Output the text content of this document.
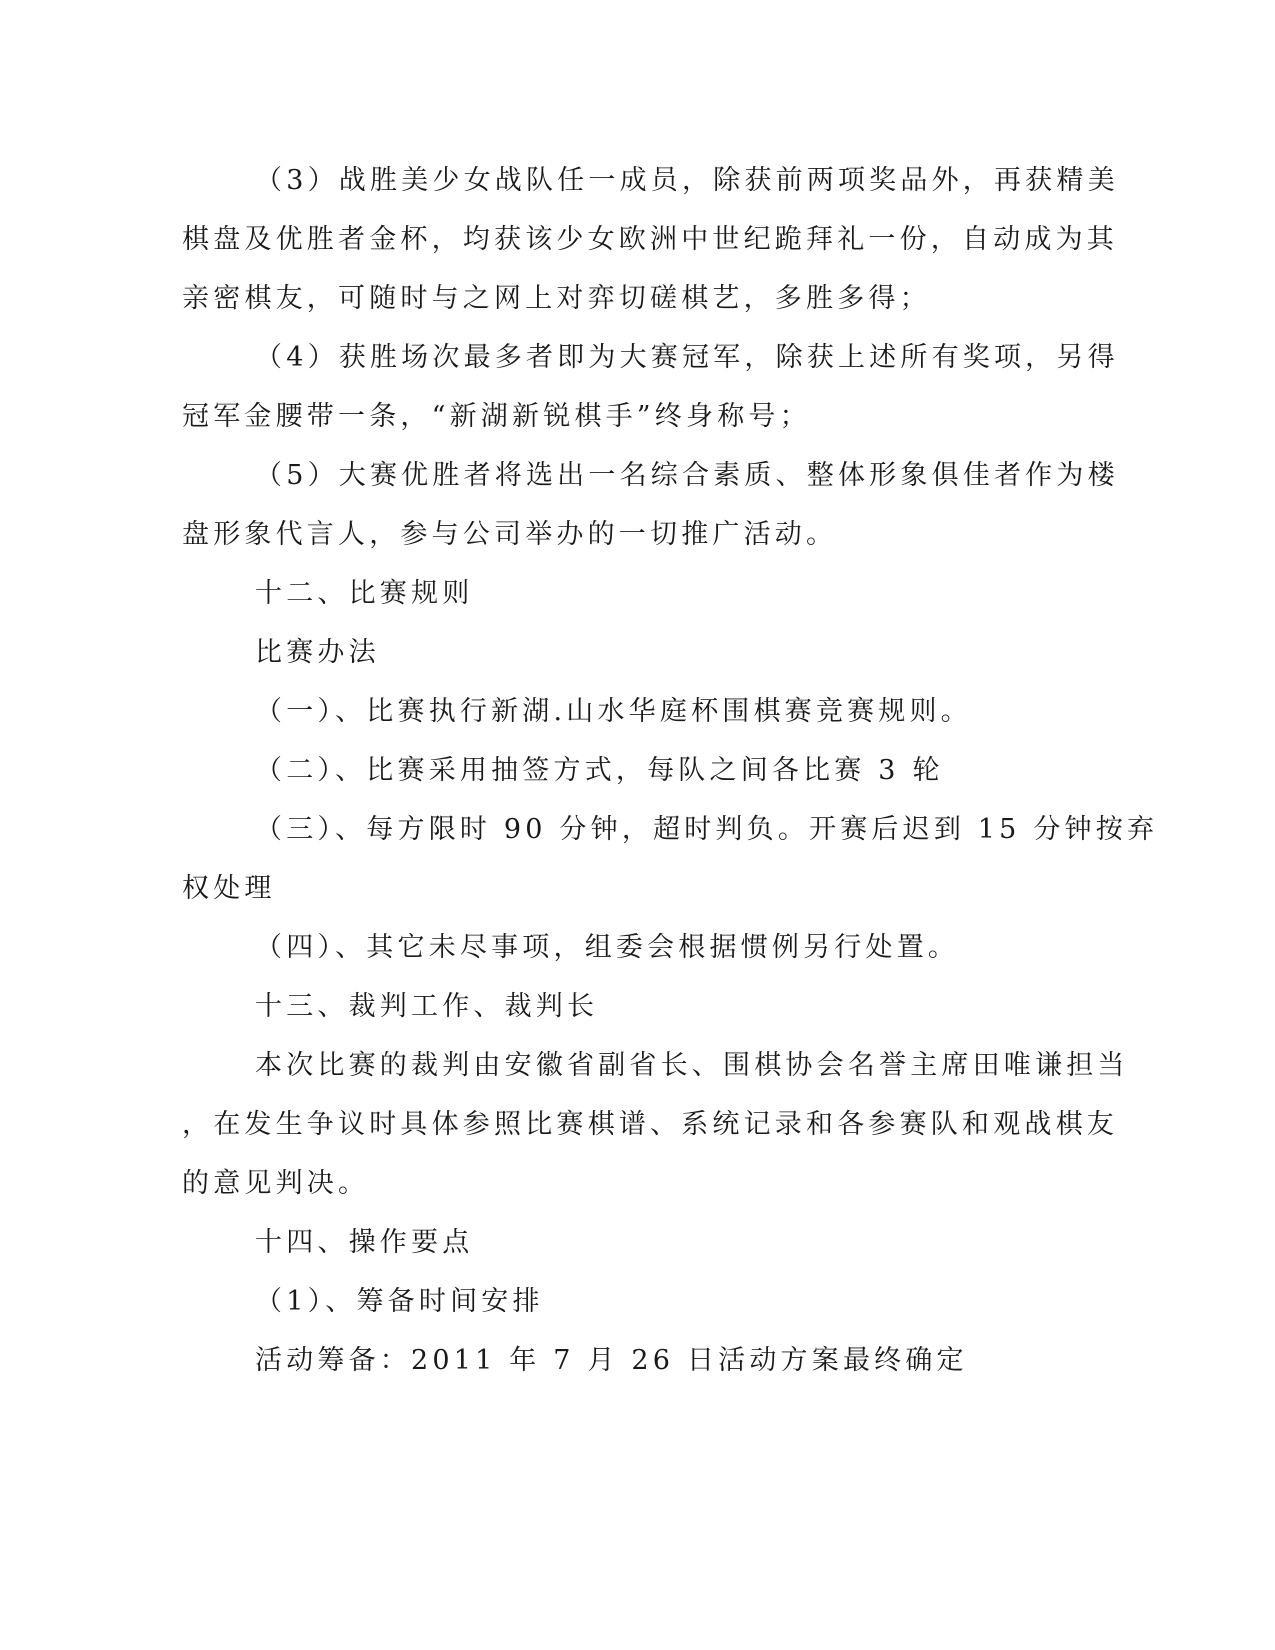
（3）战胜美少女战队任一成员，除获前两项奖品外，再获精美
棋盘及优胜者金杯，均获该少女欧洲中世纪跪拜礼一份，自动成为其
亲密棋友，可随时与之网上对弈切磋棋艺，多胜多得；
（4）获胜场次最多者即为大赛冠军，除获上述所有奖项，另得
冠军金腰带一条，“新湖新锐棋手”终身称号；
（5）大赛优胜者将选出一名综合素质、整体形象俱佳者作为楼
盘形象代言人，参与公司举办的一切推广活动。
十二、比赛规则
比赛办法
（一）、比赛执行新湖.山水华庭杯围棋赛竞赛规则。
（二）、比赛采用抽签方式，每队之间各比赛 3 轮
（三）、每方限时 90 分钟，超时判负。开赛后迟到 15 分钟按弃
权处理
（四）、其它未尽事项，组委会根据惯例另行处置。
十三、裁判工作、裁判长
本次比赛的裁判由安徽省副省长、围棋协会名誉主席田唯谦担当
，在发生争议时具体参照比赛棋谱、系统记录和各参赛队和观战棋友
的意见判决。
十四、操作要点
（1）、筹备时间安排
活动筹备：2011 年 7 月 26 日活动方案最终确定
